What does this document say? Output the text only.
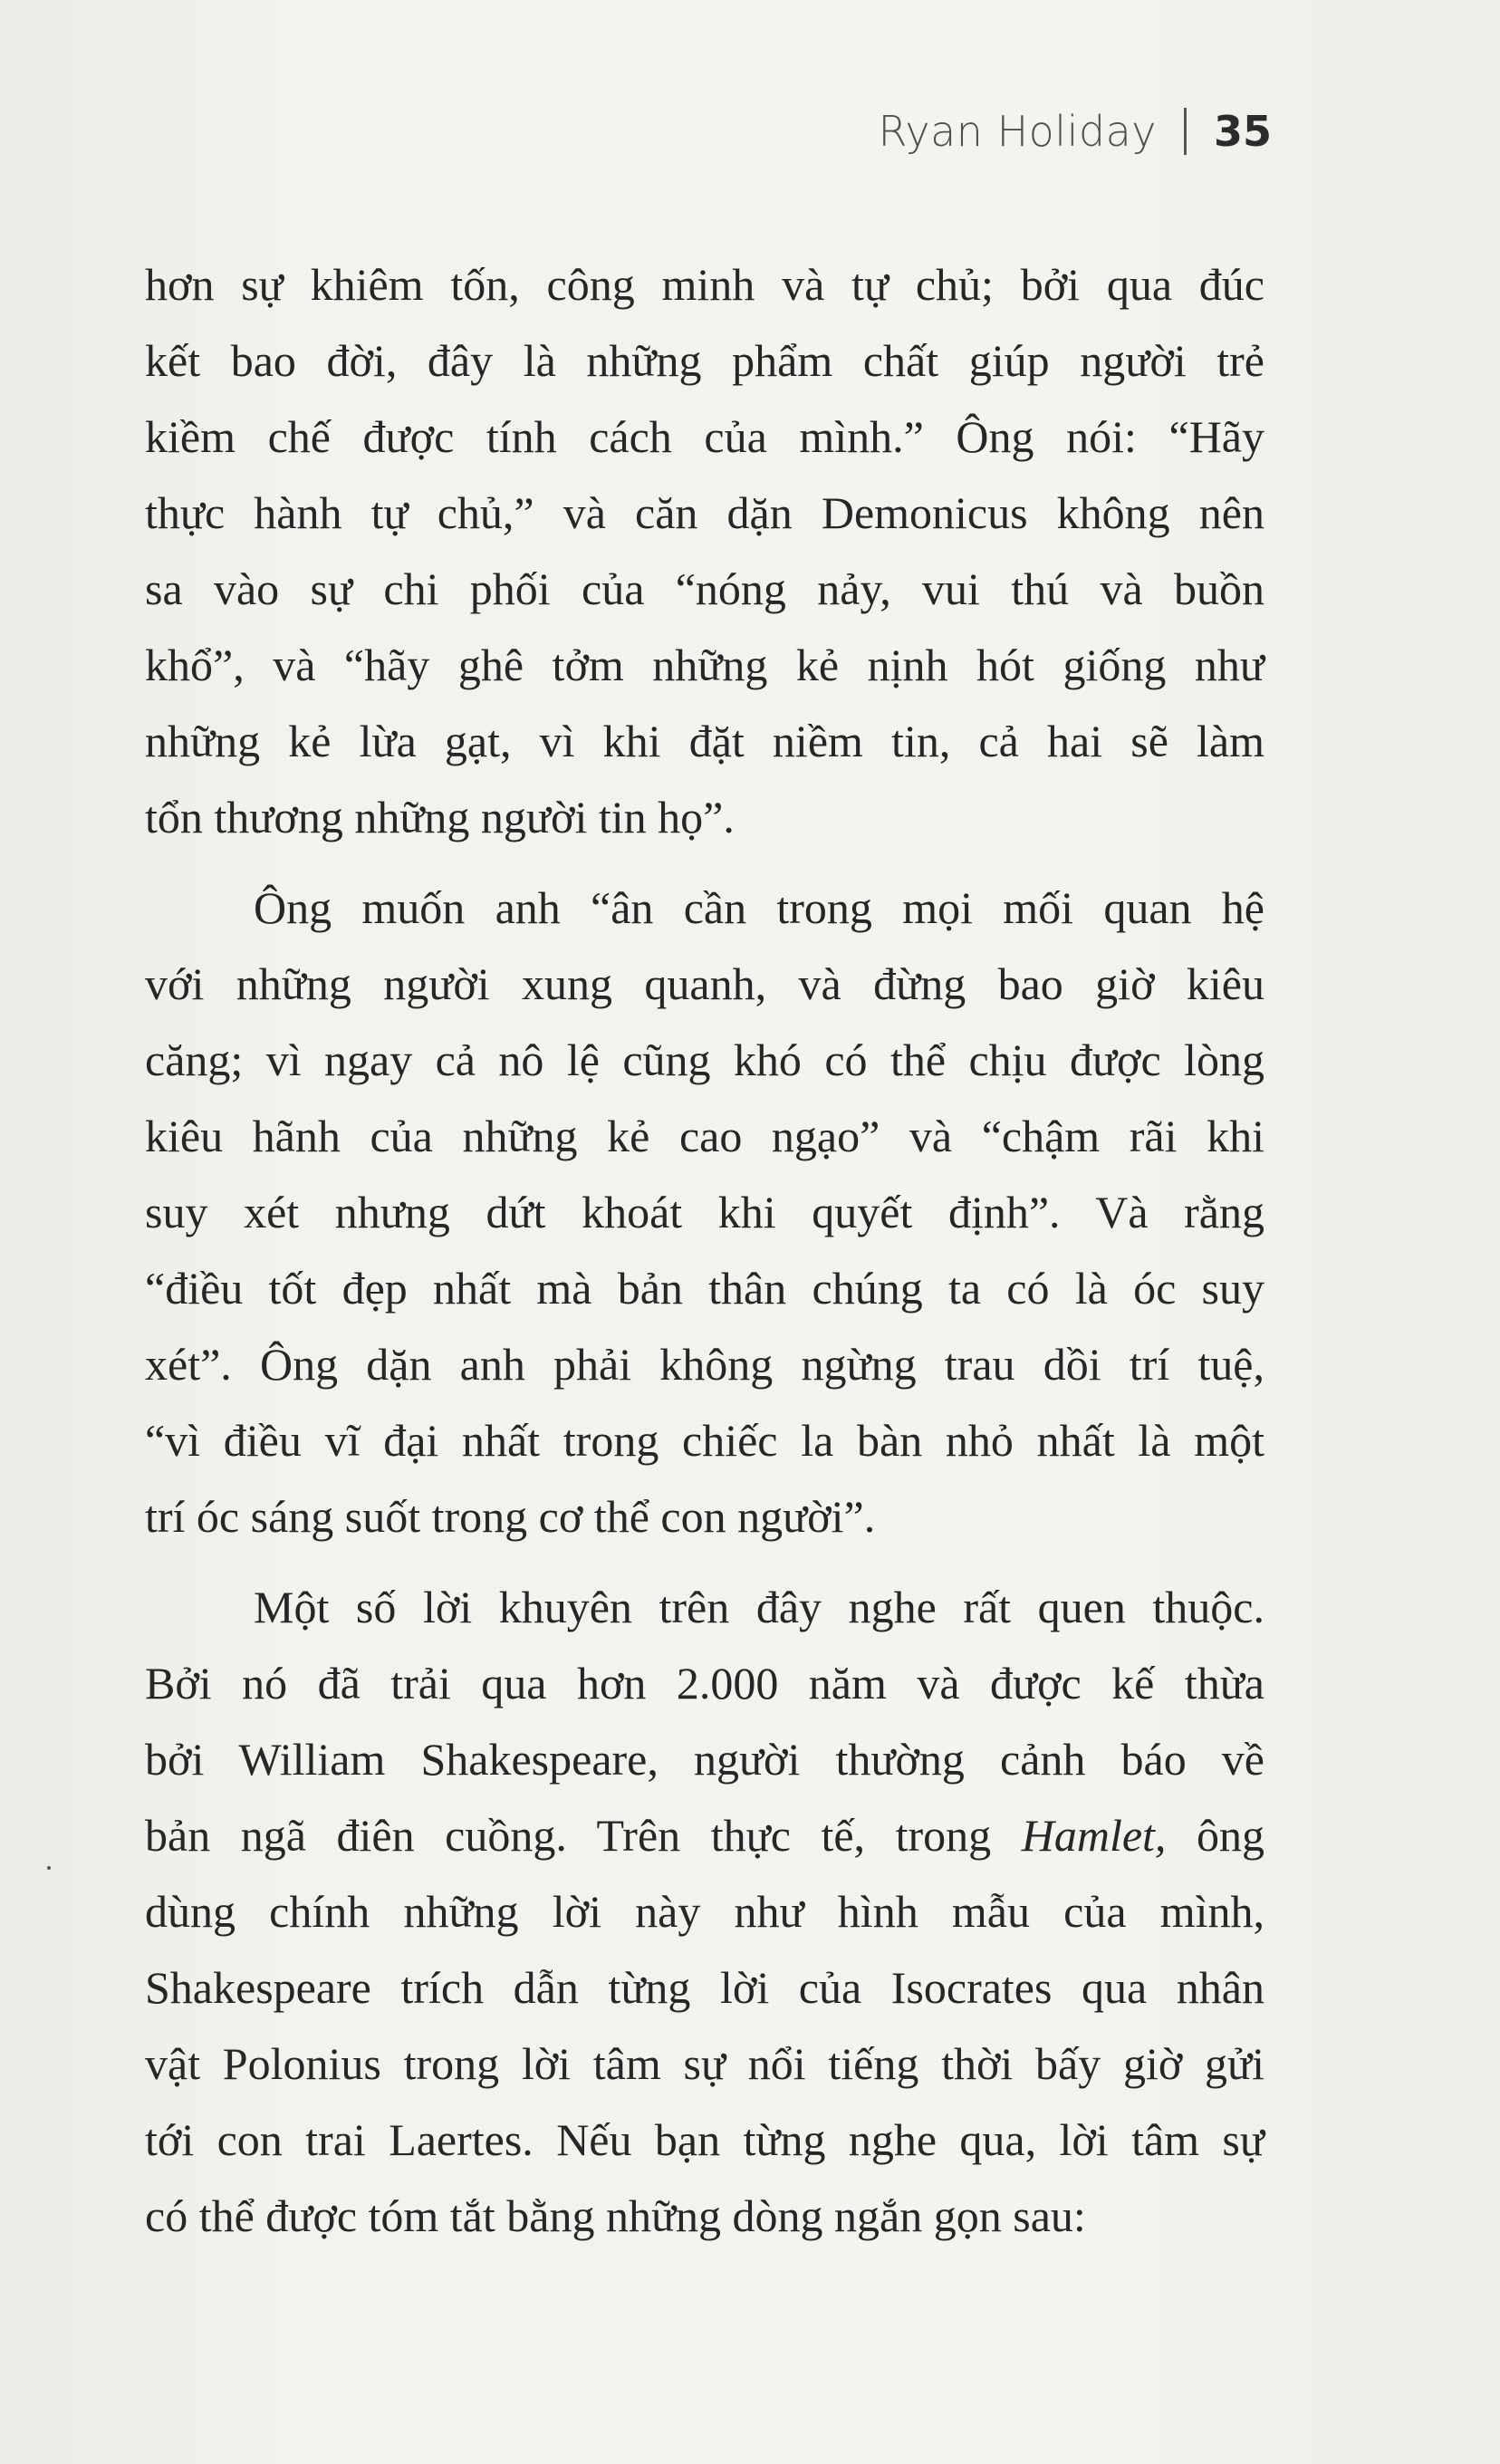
Ryan Holiday 35
hơn sự khiêm tốn, công minh và tự chủ; bởi qua đúc
kết bao đời, đây là những phẩm chất giúp người trẻ
kiềm chế được tính cách của mình.” Ông nói: “Hãy
thực hành tự chủ,” và căn dặn Demonicus không nên
sa vào sự chi phối của “nóng nảy, vui thú và buồn
khổ”, và “hãy ghê tởm những kẻ nịnh hót giống như
những kẻ lừa gạt, vì khi đặt niềm tin, cả hai sẽ làm
tổn thương những người tin họ”.
Ông muốn anh “ân cần trong mọi mối quan hệ
với những người xung quanh, và đừng bao giờ kiêu
căng; vì ngay cả nô lệ cũng khó có thể chịu được lòng
kiêu hãnh của những kẻ cao ngạo” và “chậm rãi khi
suy xét nhưng dứt khoát khi quyết định”. Và rằng
“điều tốt đẹp nhất mà bản thân chúng ta có là óc suy
xét”. Ông dặn anh phải không ngừng trau dồi trí tuệ,
“vì điều vĩ đại nhất trong chiếc la bàn nhỏ nhất là một
trí óc sáng suốt trong cơ thể con người”.
Một số lời khuyên trên đây nghe rất quen thuộc.
Bởi nó đã trải qua hơn 2.000 năm và được kế thừa
bởi William Shakespeare, người thường cảnh báo về
bản ngã điên cuồng. Trên thực tế, trong Hamlet, ông
dùng chính những lời này như hình mẫu của mình,
Shakespeare trích dẫn từng lời của Isocrates qua nhân
vật Polonius trong lời tâm sự nổi tiếng thời bấy giờ gửi
tới con trai Laertes. Nếu bạn từng nghe qua, lời tâm sự
có thể được tóm tắt bằng những dòng ngắn gọn sau:
